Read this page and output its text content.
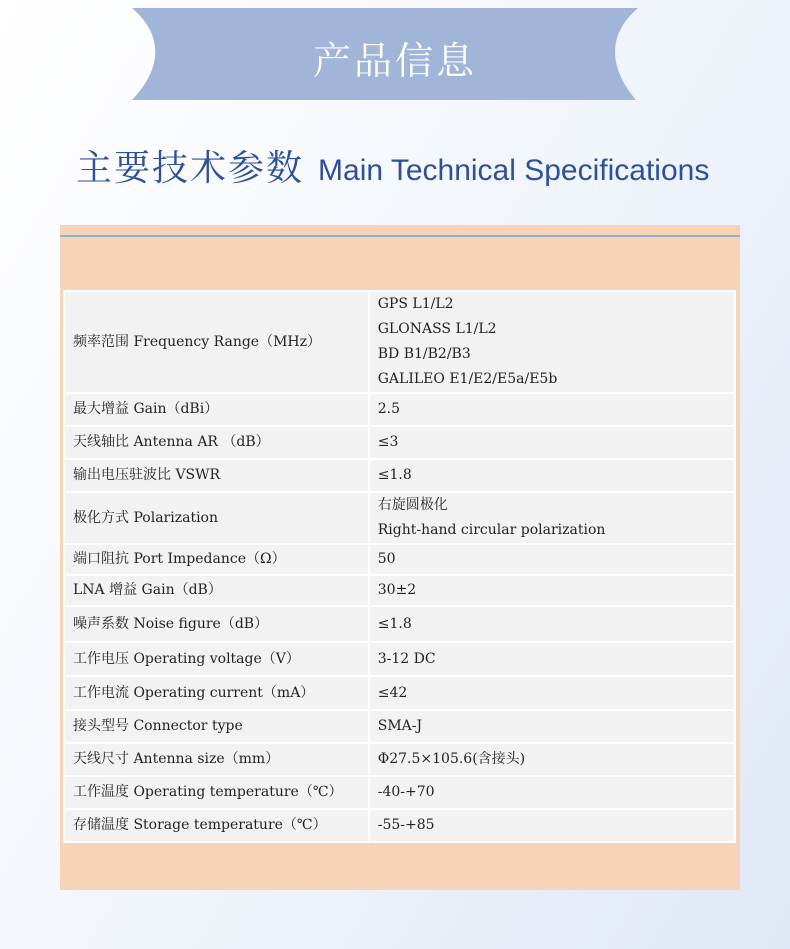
产品信息
主要技术参数 Main Technical Specifications
频率范围 Frequency Range（MHz）	GPS L1/L2
GLONASS L1/L2
BD B1/B2/B3
GALILEO E1/E2/E5a/E5b

最大增益 Gain（dBi）	2.5

天线轴比 Antenna AR （dB）	≤3

输出电压驻波比 VSWR	≤1.8

极化方式 Polarization	右旋圆极化
Right-hand circular polarization

端口阻抗 Port Impedance（Ω）	50

LNA 增益 Gain（dB）	30±2

噪声系数 Noise figure（dB）	≤1.8

工作电压 Operating voltage（V）	3-12 DC

工作电流 Operating current（mA）	≤42

接头型号 Connector type	SMA-J

天线尺寸 Antenna size（mm）	Φ27.5×105.6(含接头)

工作温度 Operating temperature（℃）	-40-+70

存储温度 Storage temperature（℃）	-55-+85
